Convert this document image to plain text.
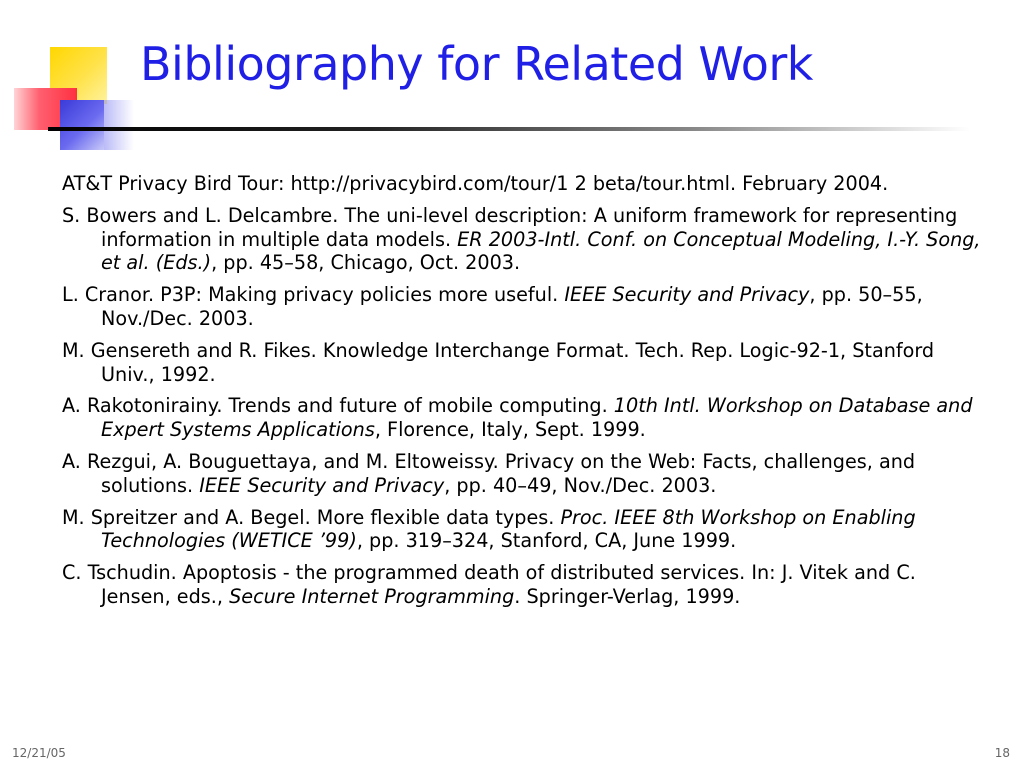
Bibliography for Related Work
AT&T Privacy Bird Tour: http://privacybird.com/tour/1 2 beta/tour.html. February 2004.
S. Bowers and L. Delcambre. The uni-level description: A uniform framework for representing information in multiple data models. ER 2003-Intl. Conf. on Conceptual Modeling, I.-Y. Song, et al. (Eds.), pp. 45–58, Chicago, Oct. 2003.
L. Cranor. P3P: Making privacy policies more useful. IEEE Security and Privacy, pp. 50–55, Nov./Dec. 2003.
M. Gensereth and R. Fikes. Knowledge Interchange Format. Tech. Rep. Logic-92-1, Stanford Univ., 1992.
A. Rakotonirainy. Trends and future of mobile computing. 10th Intl. Workshop on Database and Expert Systems Applications, Florence, Italy, Sept. 1999.
A. Rezgui, A. Bouguettaya, and M. Eltoweissy. Privacy on the Web: Facts, challenges, and solutions. IEEE Security and Privacy, pp. 40–49, Nov./Dec. 2003.
M. Spreitzer and A. Begel. More flexible data types. Proc. IEEE 8th Workshop on Enabling Technologies (WETICE ’99), pp. 319–324, Stanford, CA, June 1999.
C. Tschudin. Apoptosis - the programmed death of distributed services. In: J. Vitek and C. Jensen, eds., Secure Internet Programming. Springer-Verlag, 1999.
12/21/05	18
